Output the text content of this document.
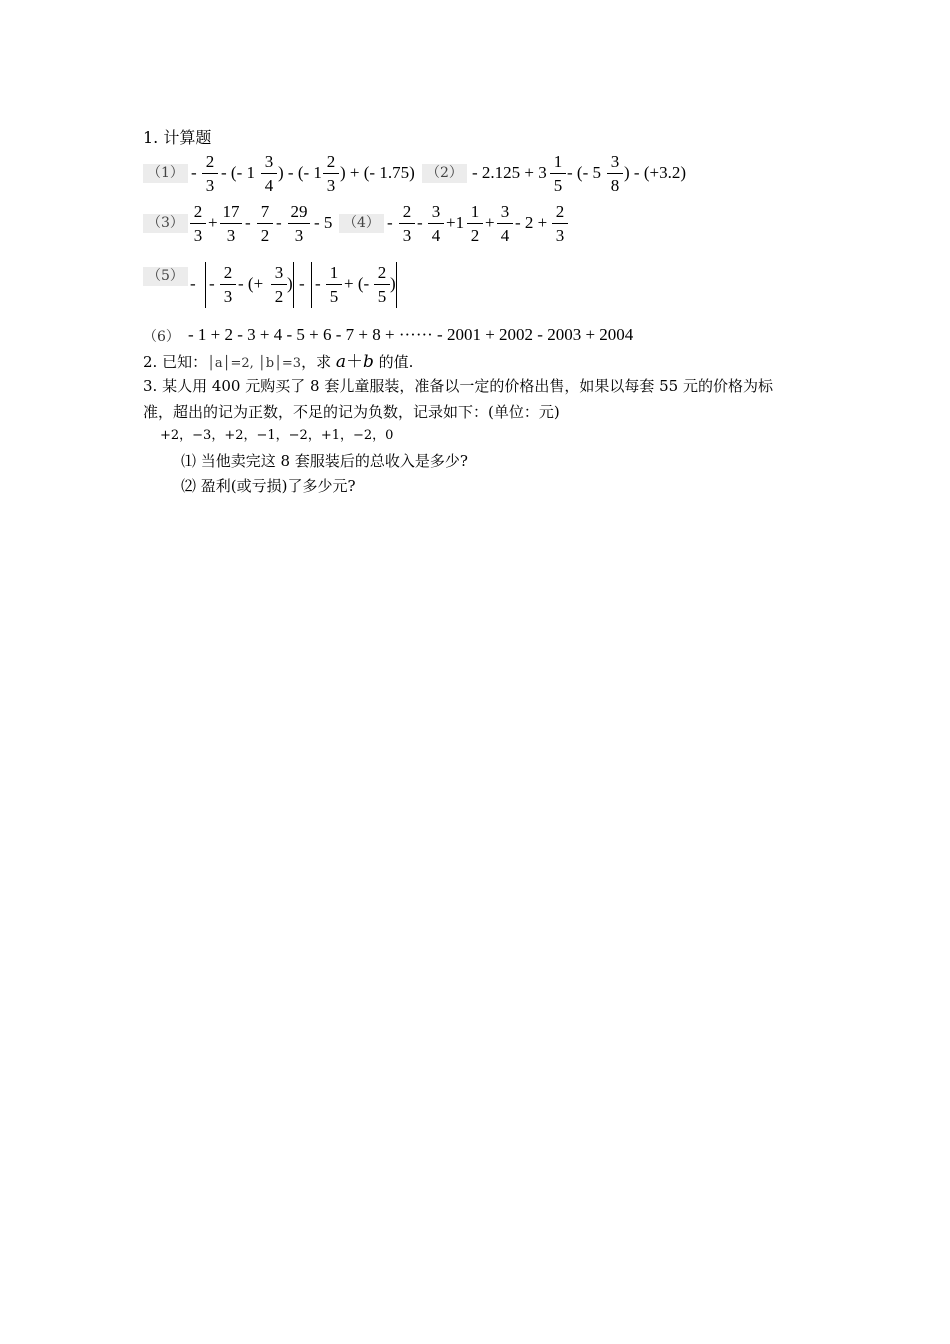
1. 计算题
（1） -
2
3
- (- 1
3
4
) - (- 1
2
3
) + (- 1.75) （2） - 2.125 + 3
1
5
- (- 5
3
8
) - (+3.2)
（3）
2
3
+
17
3
-
7
2
-
29
3
- 5 （4） -
2
3
-
3
4
+1
1
2
+
3
4
- 2 +
2
3
（5） - -
2
3
- (+
3
2
) - -
1
5
+ (-
2
5
)
（6） - 1 + 2 - 3 + 4 - 5 + 6 - 7 + 8 + ······ - 2001 + 2002 - 2003 + 2004
2. 已知：│a│=2, │b│=3，求 a＋b 的值.
3. 某人用 400 元购买了 8 套儿童服装，准备以一定的价格出售，如果以每套 55 元的价格为标
准，超出的记为正数，不足的记为负数，记录如下：(单位：元)
+2，−3，+2，−1，−2，+1，−2，0
⑴ 当他卖完这 8 套服装后的总收入是多少?
⑵ 盈利(或亏损)了多少元?
